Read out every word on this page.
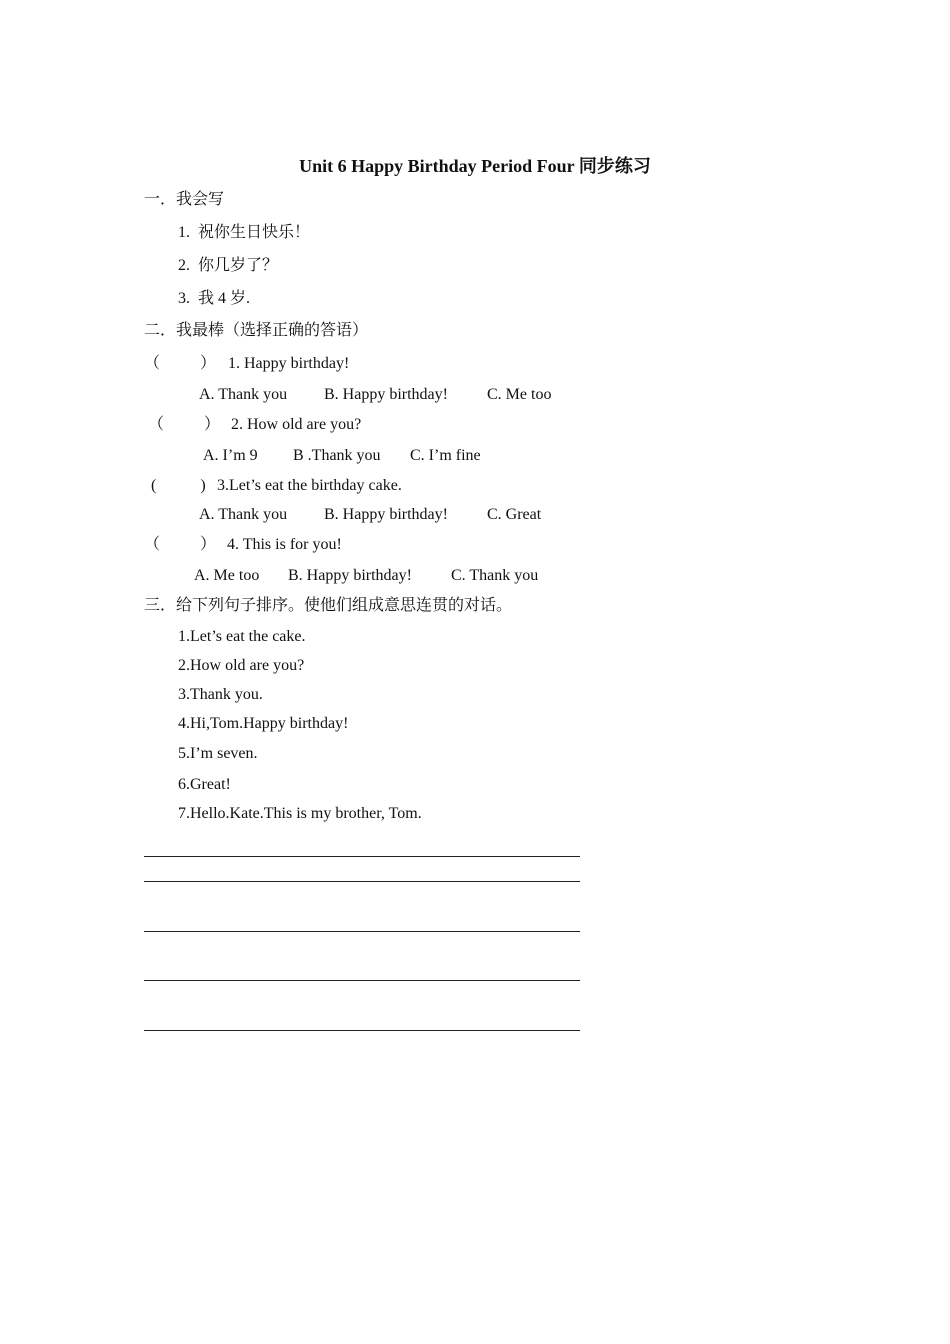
Unit 6 Happy Birthday Period Four 同步练习
一．我会写
1.  祝你生日快乐！
2.  你几岁了？
3.  我 4 岁.
二．我最棒（选择正确的答语）
（          ） 1. Happy birthday!
A. Thank you B. Happy birthday! C. Me too
（          ） 2. How old are you?
A. I’m 9 B .Thank you C. I’m fine
(           ) 3.Let’s eat the birthday cake.
A. Thank you B. Happy birthday! C. Great
（          ） 4. This is for you!
A. Me too B. Happy birthday! C. Thank you
三．给下列句子排序。使他们组成意思连贯的对话。
1.Let’s eat the cake.
2.How old are you?
3.Thank you.
4.Hi,Tom.Happy birthday!
5.I’m seven.
6.Great!
7.Hello.Kate.This is my brother, Tom.
